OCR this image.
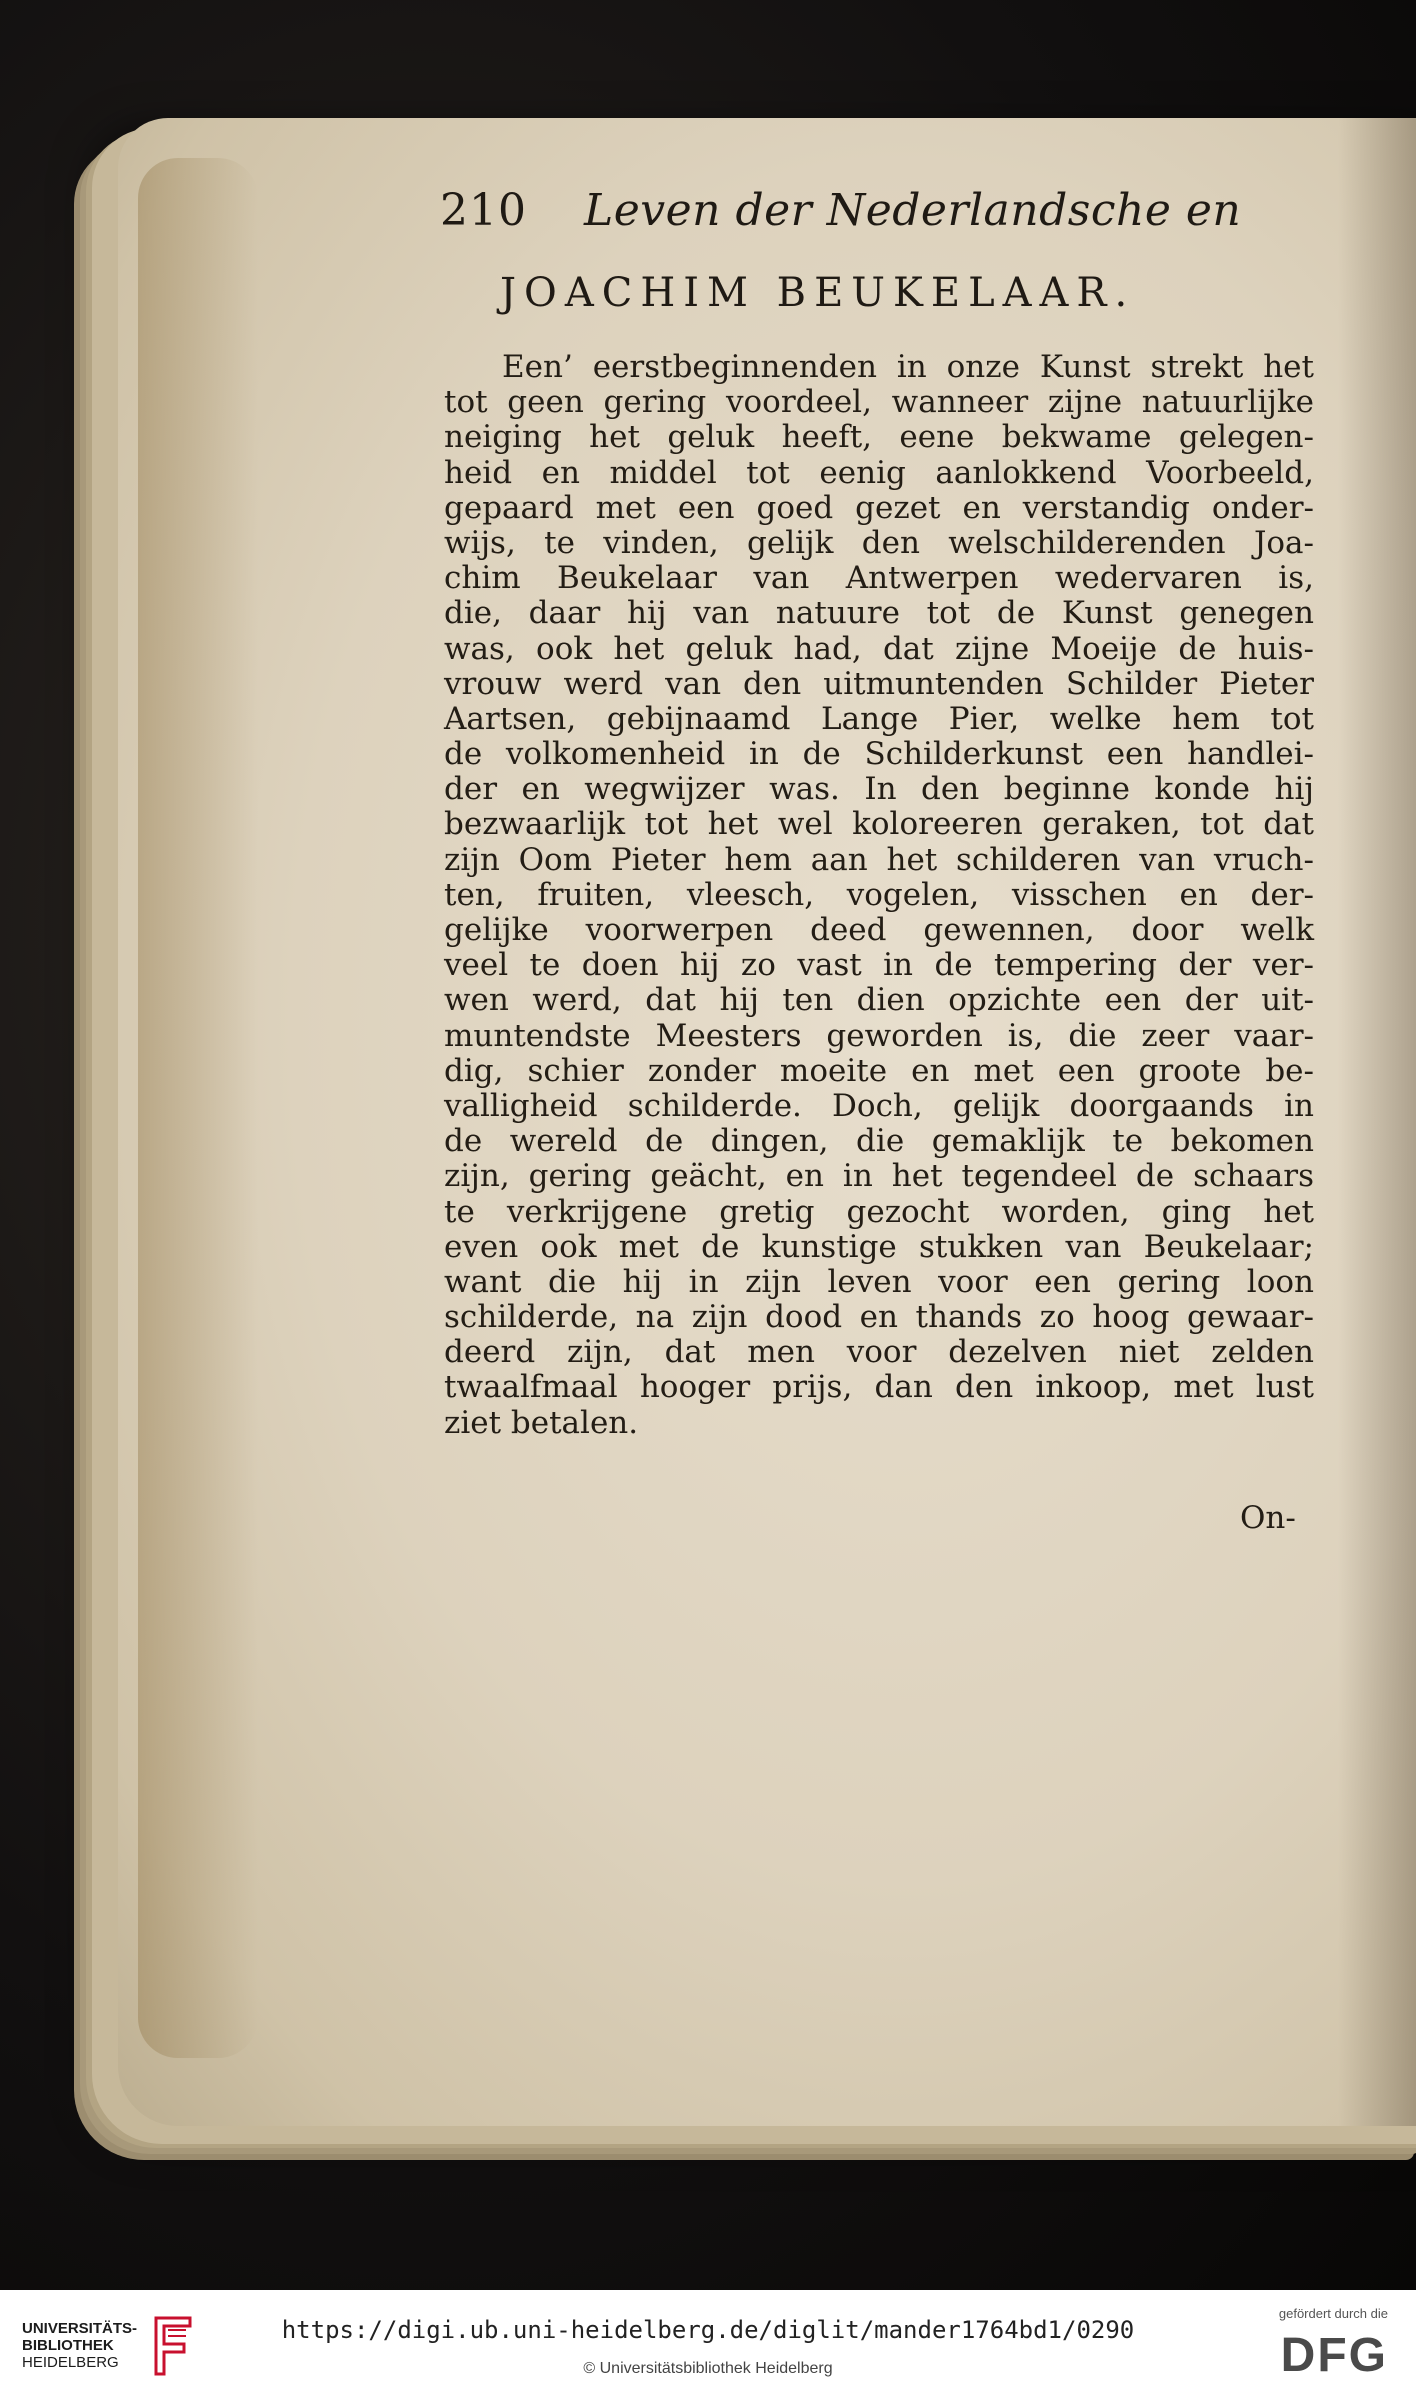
210 Leven der Nederlandsche en
JOACHIM BEUKELAAR.
Een’ eerstbeginnenden in onze Kunst strekt het
tot geen gering voordeel, wanneer zijne natuurlijke
neiging het geluk heeft, eene bekwame gelegen-
heid en middel tot eenig aanlokkend Voorbeeld,
gepaard met een goed gezet en verstandig onder-
wijs, te vinden, gelijk den welschilderenden Joa-
chim Beukelaar van Antwerpen wedervaren is,
die, daar hij van natuure tot de Kunst genegen
was, ook het geluk had, dat zijne Moeije de huis-
vrouw werd van den uitmuntenden Schilder Pieter
Aartsen, gebijnaamd Lange Pier, welke hem tot
de volkomenheid in de Schilderkunst een handlei-
der en wegwijzer was. In den beginne konde hij
bezwaarlijk tot het wel koloreeren geraken, tot dat
zijn Oom Pieter hem aan het schilderen van vruch-
ten, fruiten, vleesch, vogelen, visschen en der-
gelijke voorwerpen deed gewennen, door welk
veel te doen hij zo vast in de tempering der ver-
wen werd, dat hij ten dien opzichte een der uit-
muntendste Meesters geworden is, die zeer vaar-
dig, schier zonder moeite en met een groote be-
valligheid schilderde. Doch, gelijk doorgaands in
de wereld de dingen, die gemaklijk te bekomen
zijn, gering geächt, en in het tegendeel de schaars
te verkrijgene gretig gezocht worden, ging het
even ook met de kunstige stukken van Beukelaar;
want die hij in zijn leven voor een gering loon
schilderde, na zijn dood en thands zo hoog gewaar-
deerd zijn, dat men voor dezelven niet zelden
twaalfmaal hooger prijs, dan den inkoop, met lust
ziet betalen.
On-
UNIVERSITÄTS-
BIBLIOTHEK
HEIDELBERG
https://digi.ub.uni-heidelberg.de/diglit/mander1764bd1/0290
© Universitätsbibliothek Heidelberg
gefördert durch die
DFG
